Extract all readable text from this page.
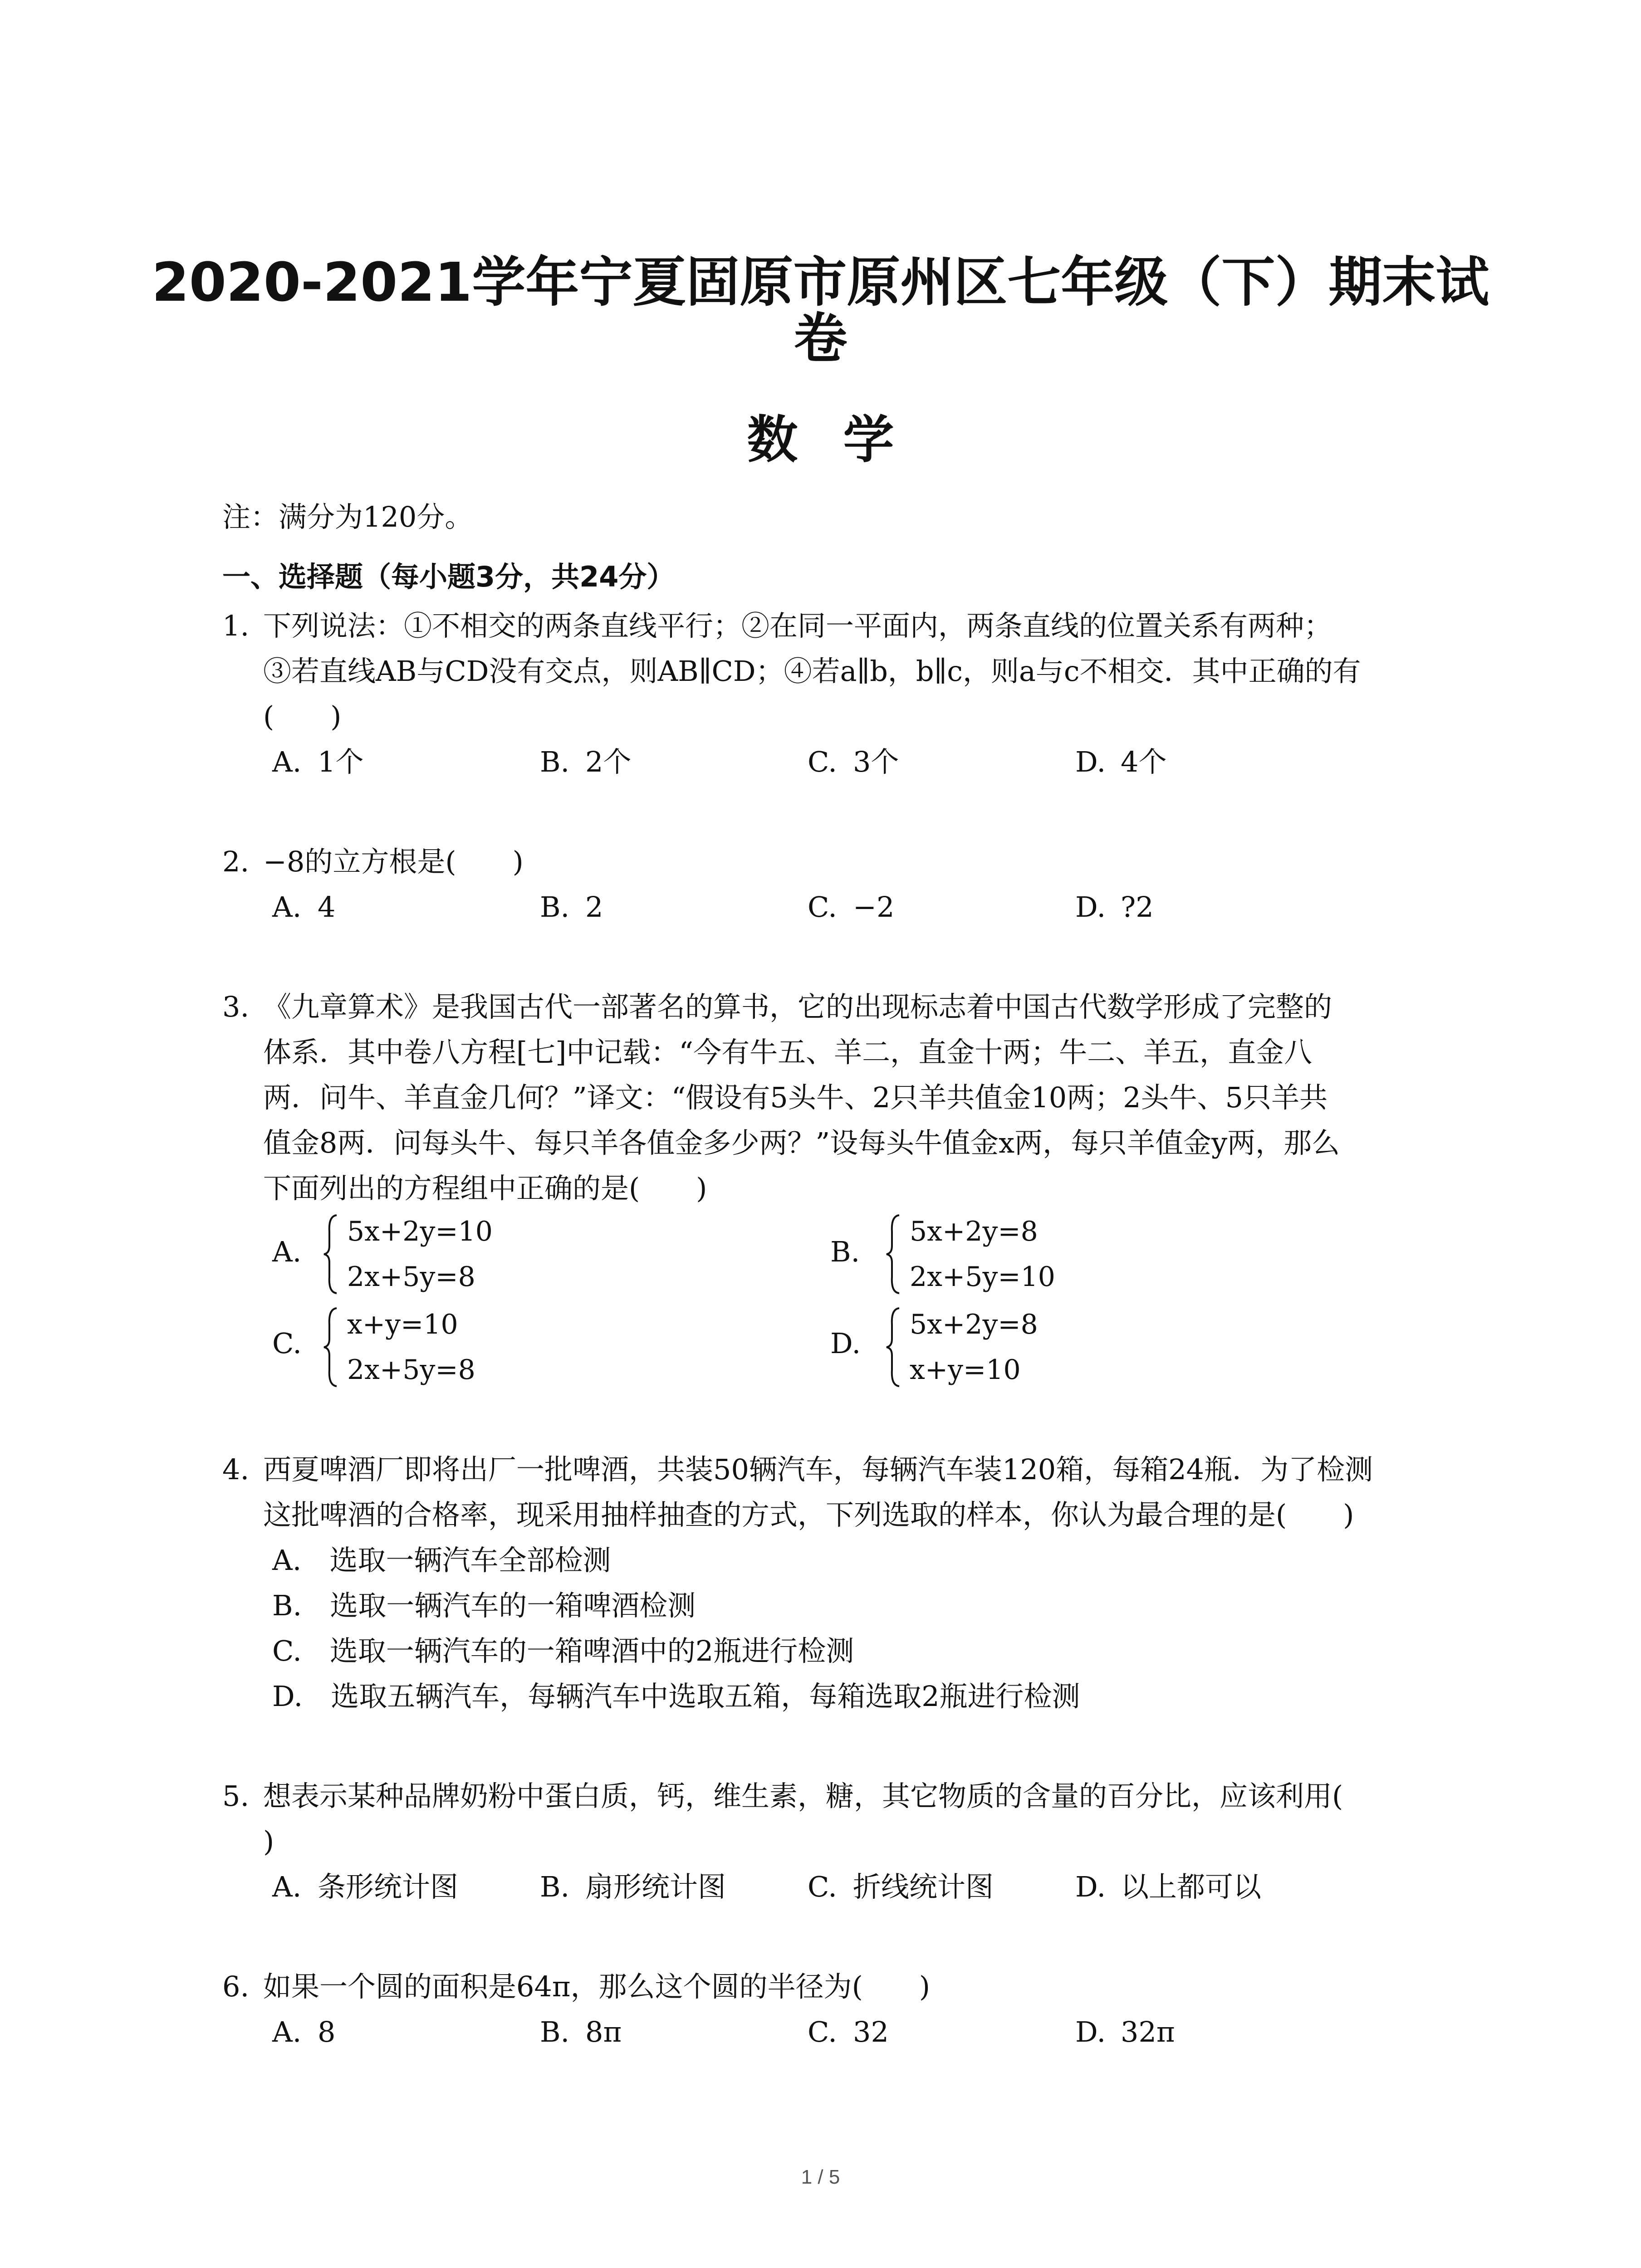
2020-2021学年宁夏固原市原州区七年级（下）期末试
卷
数学
注：满分为120分。
一、选择题（每小题3分，共24分）
1. 下列说法：①不相交的两条直线平行；②在同一平面内，两条直线的位置关系有两种；
③若直线AB与CD没有交点，则AB∥CD；④若a∥b，b∥c，则a与c不相交．其中正确的有
(　　)
A. 1个	B. 2个	C. 3个	D. 4个
2. −8的立方根是(　　)
A. 4	B. 2	C. −2	D. ?2
3. 《九章算术》是我国古代一部著名的算书，它的出现标志着中国古代数学形成了完整的
体系．其中卷八方程[七]中记载：“今有牛五、羊二，直金十两；牛二、羊五，直金八
两．问牛、羊直金几何？”译文：“假设有5头牛、2只羊共值金10两；2头牛、5只羊共
值金8两．问每头牛、每只羊各值金多少两？”设每头牛值金x两，每只羊值金y两，那么
下面列出的方程组中正确的是(　　)
A.
5x+2y=10
2x+5y=8
B.
5x+2y=8
2x+5y=10
C.
x+y=10
2x+5y=8
D.
5x+2y=8
x+y=10
4. 西夏啤酒厂即将出厂一批啤酒，共装50辆汽车，每辆汽车装120箱，每箱24瓶．为了检测
这批啤酒的合格率，现采用抽样抽查的方式，下列选取的样本，你认为最合理的是(　　)
A.　选取一辆汽车全部检测
B.　选取一辆汽车的一箱啤酒检测
C.　选取一辆汽车的一箱啤酒中的2瓶进行检测
D.　选取五辆汽车，每辆汽车中选取五箱，每箱选取2瓶进行检测
5. 想表示某种品牌奶粉中蛋白质，钙，维生素，糖，其它物质的含量的百分比，应该利用(
)
A. 条形统计图	B. 扇形统计图	C. 折线统计图	D. 以上都可以
6. 如果一个圆的面积是64π，那么这个圆的半径为(　　)
A. 8	B. 8π	C. 32	D. 32π
1 / 5
